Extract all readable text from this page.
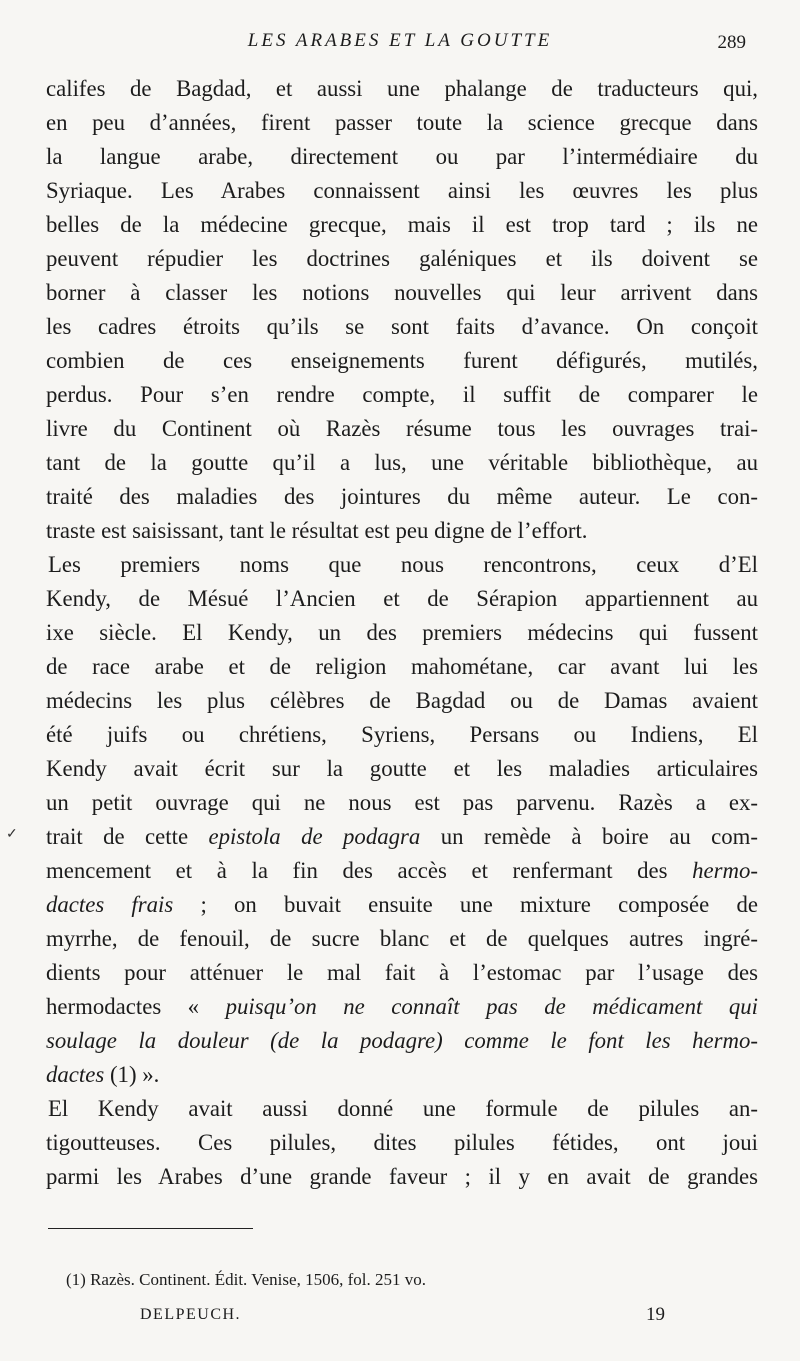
LES ARABES ET LA GOUTTE	289
✓
califes de Bagdad, et aussi une phalange de traducteurs qui,
en peu d’années, firent passer toute la science grecque dans
la langue arabe, directement ou par l’intermédiaire du
Syriaque. Les Arabes connaissent ainsi les œuvres les plus
belles de la médecine grecque, mais il est trop tard ; ils ne
peuvent répudier les doctrines galéniques et ils doivent se
borner à classer les notions nouvelles qui leur arrivent dans
les cadres étroits qu’ils se sont faits d’avance. On conçoit
combien de ces enseignements furent défigurés, mutilés,
perdus. Pour s’en rendre compte, il suffit de comparer le
livre du Continent où Razès résume tous les ouvrages trai-
tant de la goutte qu’il a lus, une véritable bibliothèque, au
traité des maladies des jointures du même auteur. Le con-
traste est saisissant, tant le résultat est peu digne de l’effort.
Les premiers noms que nous rencontrons, ceux d’El
Kendy, de Mésué l’Ancien et de Sérapion appartiennent au
ixe siècle. El Kendy, un des premiers médecins qui fussent
de race arabe et de religion mahométane, car avant lui les
médecins les plus célèbres de Bagdad ou de Damas avaient
été juifs ou chrétiens, Syriens, Persans ou Indiens, El
Kendy avait écrit sur la goutte et les maladies articulaires
un petit ouvrage qui ne nous est pas parvenu. Razès a ex-
trait de cette epistola de podagra un remède à boire au com-
mencement et à la fin des accès et renfermant des hermo-
dactes frais ; on buvait ensuite une mixture composée de
myrrhe, de fenouil, de sucre blanc et de quelques autres ingré-
dients pour atténuer le mal fait à l’estomac par l’usage des
hermodactes « puisqu’on ne connaît pas de médicament qui
soulage la douleur (de la podagre) comme le font les hermo-
dactes (1) ».
El Kendy avait aussi donné une formule de pilules an-
tigoutteuses. Ces pilules, dites pilules fétides, ont joui
parmi les Arabes d’une grande faveur ; il y en avait de grandes
(1) Razès. Continent. Édit. Venise, 1506, fol. 251 vo.
DELPEUCH.	19
